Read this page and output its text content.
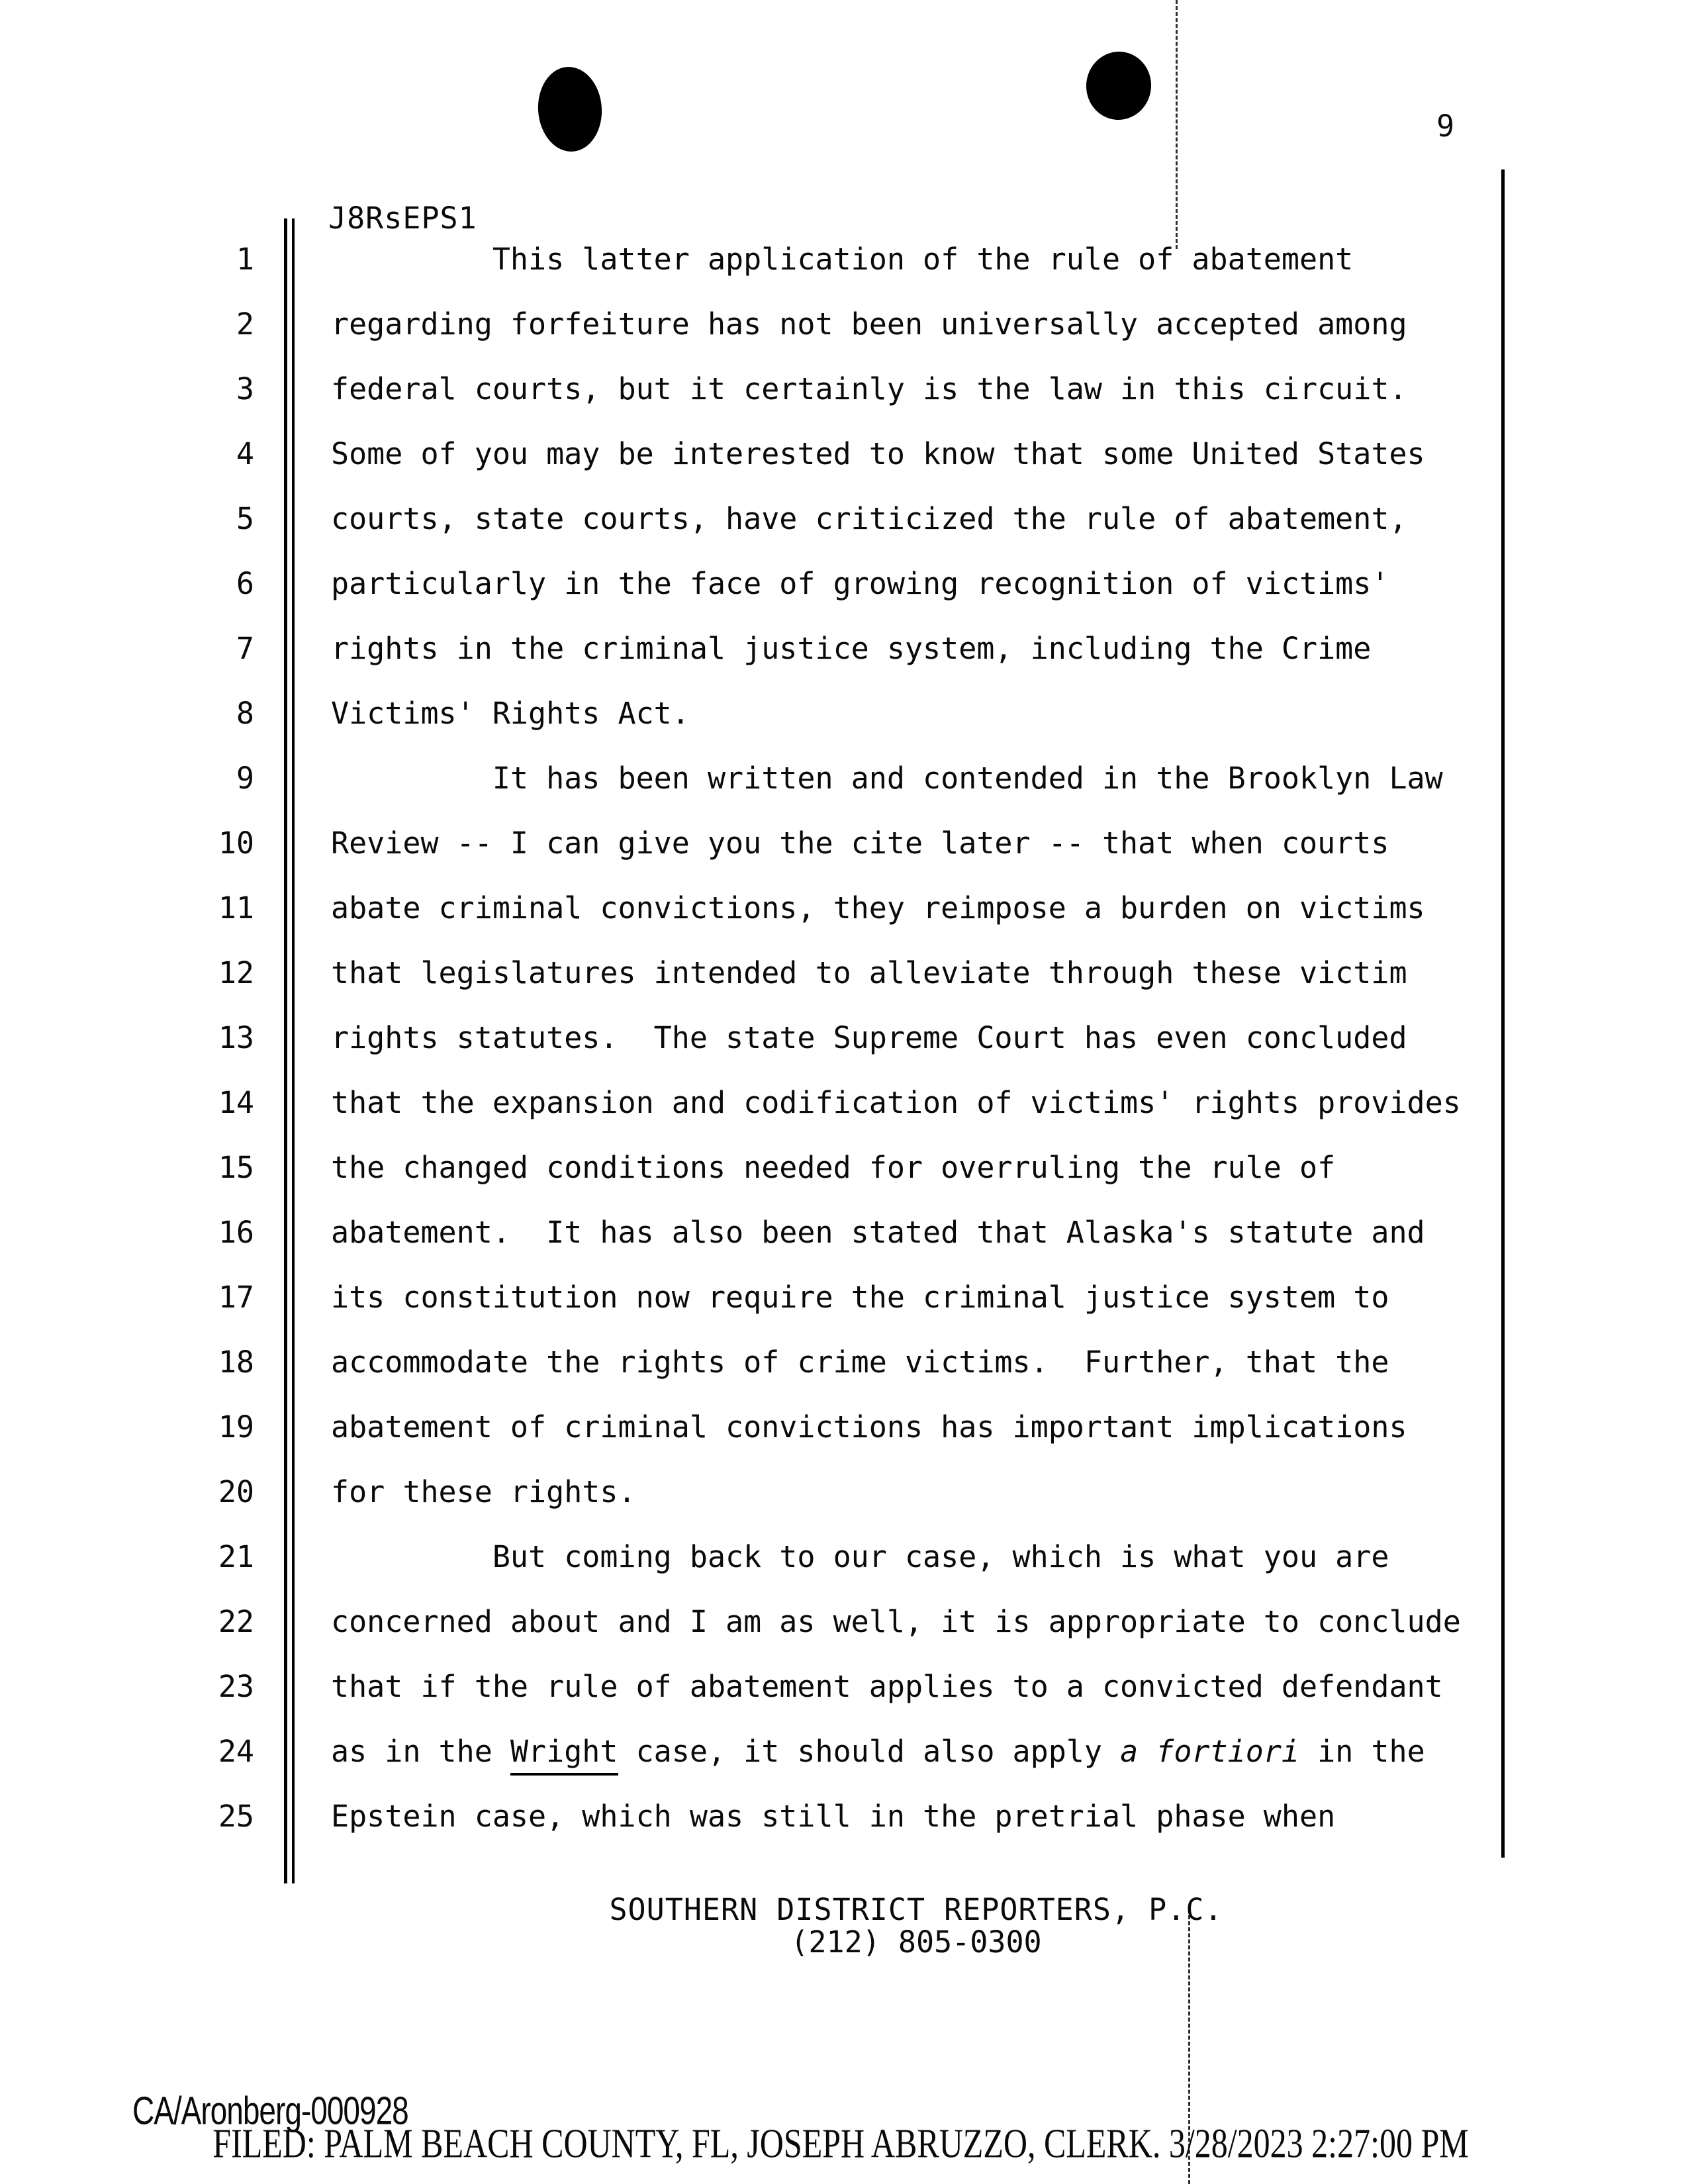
9
J8RsEPS1
1	This latter application of the rule of abatement
2	regarding forfeiture has not been universally accepted among
3	federal courts, but it certainly is the law in this circuit.
4	Some of you may be interested to know that some United States
5	courts, state courts, have criticized the rule of abatement,
6	particularly in the face of growing recognition of victims'
7	rights in the criminal justice system, including the Crime
8	Victims' Rights Act.
9	It has been written and contended in the Brooklyn Law
10	Review -- I can give you the cite later -- that when courts
11	abate criminal convictions, they reimpose a burden on victims
12	that legislatures intended to alleviate through these victim
13	rights statutes.  The state Supreme Court has even concluded
14	that the expansion and codification of victims' rights provides
15	the changed conditions needed for overruling the rule of
16	abatement.  It has also been stated that Alaska's statute and
17	its constitution now require the criminal justice system to
18	accommodate the rights of crime victims.  Further, that the
19	abatement of criminal convictions has important implications
20	for these rights.
21	But coming back to our case, which is what you are
22	concerned about and I am as well, it is appropriate to conclude
23	that if the rule of abatement applies to a convicted defendant
24	as in the Wright case, it should also apply a fortiori in the
25	Epstein case, which was still in the pretrial phase when
SOUTHERN DISTRICT REPORTERS, P.C.
(212) 805-0300
CA/Aronberg-000928
FILED: PALM BEACH COUNTY, FL, JOSEPH ABRUZZO, CLERK. 3/28/2023 2:27:00 PM
